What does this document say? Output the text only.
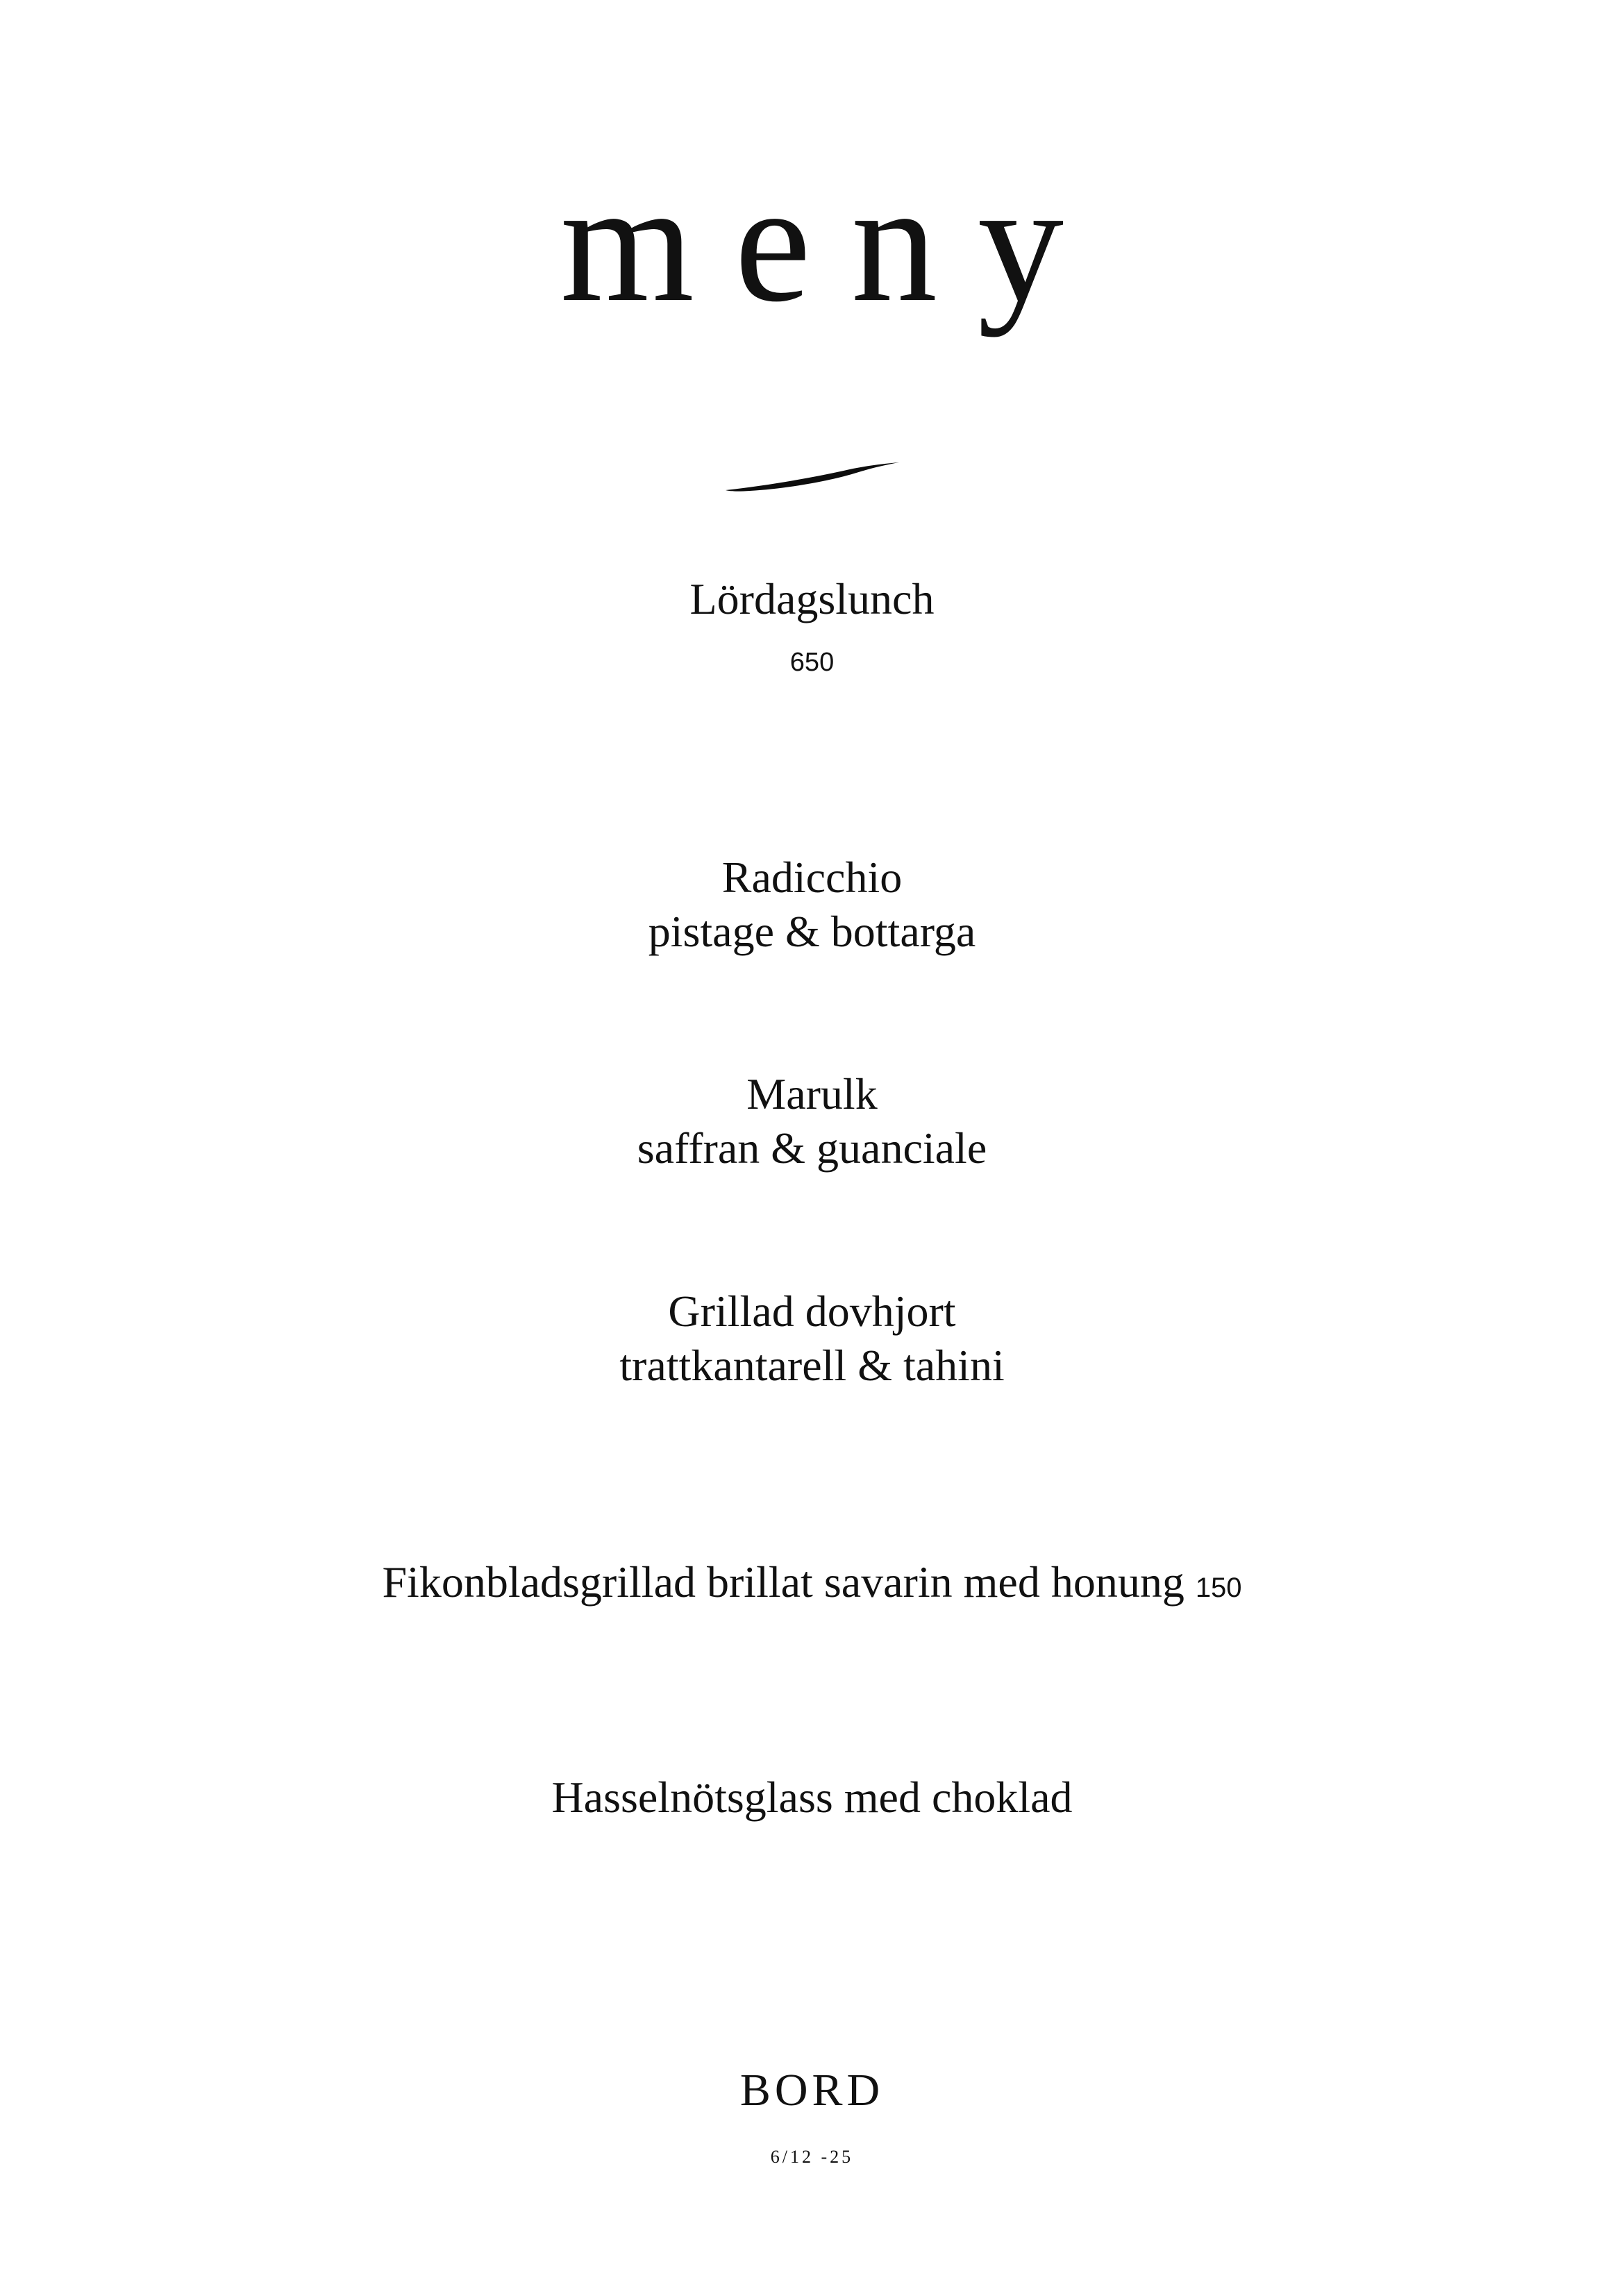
meny
Lördagslunch
650
Radicchio
pistage & bottarga
Marulk
saffran & guanciale
Grillad dovhjort
trattkantarell & tahini
Fikonbladsgrillad brillat savarin med honung 150
Hasselnötsglass med choklad
BORD
6/12 -25
